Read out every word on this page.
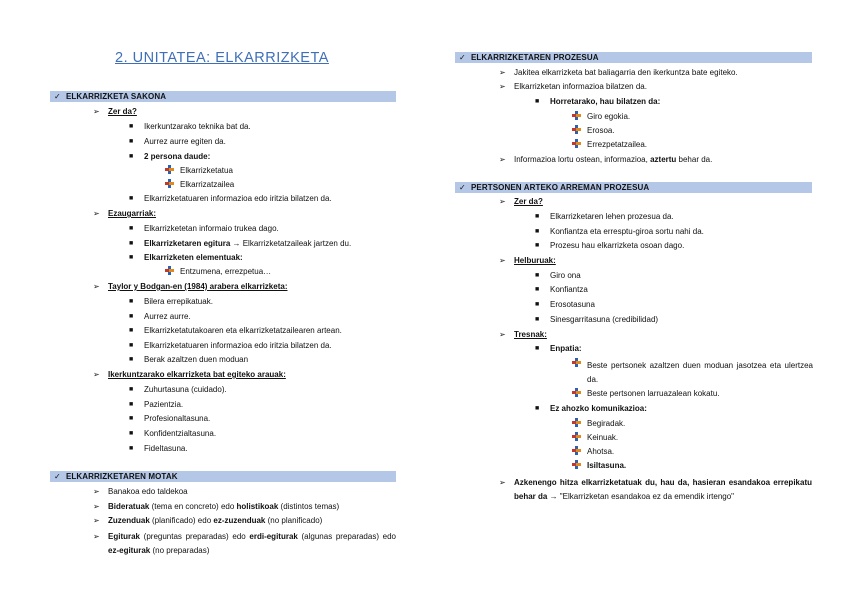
2. UNITATEA: ELKARRIZKETA
✓ ELKARRIZKETA SAKONA
➢ Zer da?
■ Ikerkuntzarako teknika bat da.
■ Aurrez aurre egiten da.
■ 2 persona daude:
Elkarrizketatua
Elkarrizatzailea
■ Elkarrizketatuaren informazioa edo iritzia bilatzen da.
➢ Ezaugarriak:
■ Elkarrizketetan informaio trukea dago.
■ Elkarrizketaren egitura → Elkarrizketatzaileak jartzen du.
■ Elkarrizketen elementuak:
Entzumena, errezpetua…
➢ Taylor y Bodgan-en (1984) arabera elkarrizketa:
■ Bilera errepikatuak.
■ Aurrez aurre.
■ Elkarrizketatutakoaren eta elkarrizketatzailearen artean.
■ Elkarrizketatuaren informazioa edo iritzia bilatzen da.
■ Berak azaltzen duen moduan
➢ Ikerkuntzarako elkarrizketa bat egiteko arauak:
■ Zuhurtasuna (cuidado).
■ Pazientzia.
■ Profesionaltasuna.
■ Konfidentzialtasuna.
■ Fideltasuna.
✓ ELKARRIZKETAREN MOTAK
➢ Banakoa edo taldekoa
➢ Bideratuak (tema en concreto) edo holistikoak (distintos temas)
➢ Zuzenduak (planificado) edo ez-zuzenduak (no planificado)
➢ Egiturak (preguntas preparadas) edo erdi-egiturak (algunas preparadas) edo ez-egiturak (no preparadas)
✓ ELKARRIZKETAREN PROZESUA
➢ Jakitea elkarrizketa bat baliagarria den ikerkuntza bate egiteko.
➢ Elkarrizketan informazioa bilatzen da.
■ Horretarako, hau bilatzen da:
Giro egokia.
Erosoa.
Errezpetatzailea.
➢ Informazioa lortu ostean, informazioa, aztertu behar da.
✓ PERTSONEN ARTEKO ARREMAN PROZESUA
➢ Zer da?
■ Elkarrizketaren lehen prozesua da.
■ Konfiantza eta erresptu-giroa sortu nahi da.
■ Prozesu hau elkarrizketa osoan dago.
➢ Helburuak:
■ Giro ona
■ Konfiantza
■ Erosotasuna
■ Sinesgarritasuna (credibilidad)
➢ Tresnak:
■ Enpatia:
Beste pertsonek azaltzen duen moduan jasotzea eta ulertzea da.
Beste pertsonen larruazalean kokatu.
■ Ez ahozko komunikazioa:
Begiradak.
Keinuak.
Ahotsa.
Isiltasuna.
➢ Azkenengo hitza elkarrizketatuak du, hau da, hasieran esandakoa errepikatu behar da → "Elkarrizketan esandakoa ez da emendik irtengo"
